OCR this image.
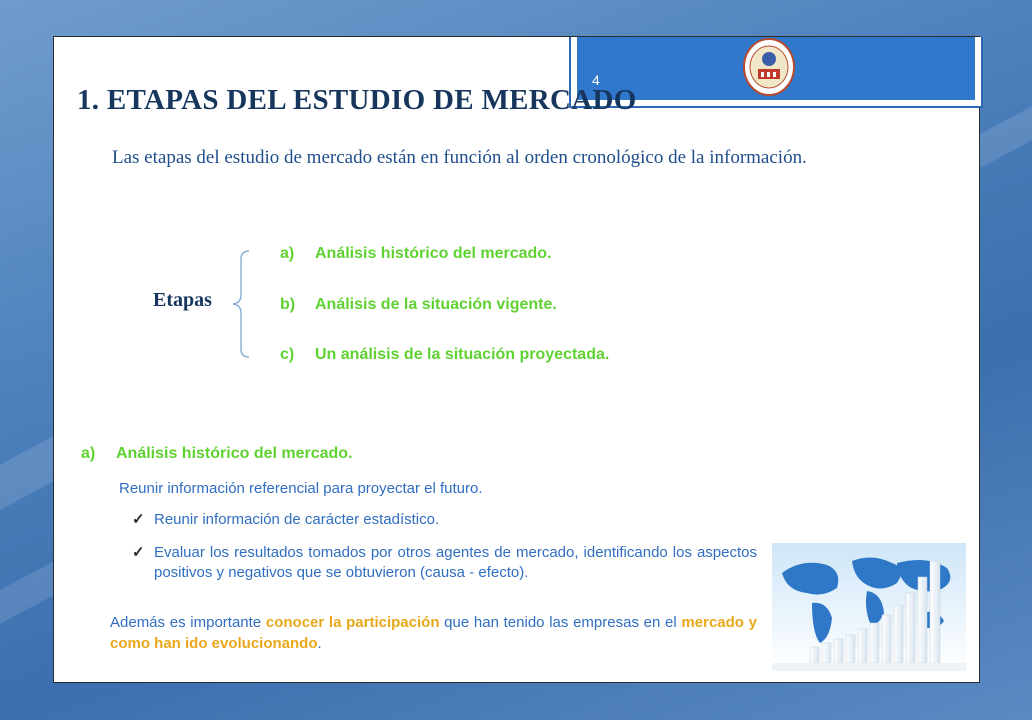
4
1. ETAPAS DEL ESTUDIO DE MERCADO

Las etapas del estudio de mercado están en función al orden cronológico de la información.

Etapas
a) Análisis histórico del mercado.
b) Análisis de la situación vigente.
c) Un análisis de la situación proyectada.
a) Análisis histórico del mercado.
Reunir información referencial para proyectar el futuro.
✓ Reunir información de carácter estadístico.
✓ Evaluar los resultados tomados por otros agentes de mercado, identificando los aspectos positivos y negativos que se obtuvieron (causa - efecto).
Además es importante conocer la participación que han tenido las empresas en el mercado y como han ido evolucionando.
